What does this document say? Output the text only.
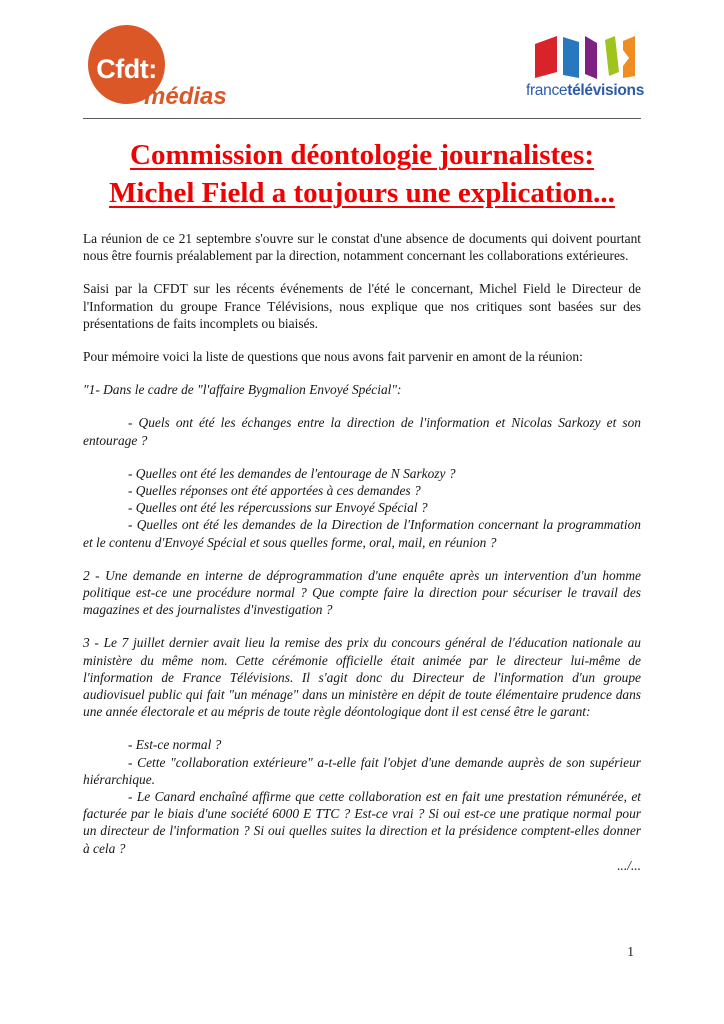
Cfdt:
médias	francetélévisions
Commission déontologie journalistes:
Michel Field a toujours une explication...

La réunion de ce 21 septembre s'ouvre sur le constat d'une absence de documents qui doivent pourtant nous être fournis préalablement par la direction, notamment concernant les collaborations extérieures.

Saisi par la CFDT sur les récents événements de l'été le concernant, Michel Field le Directeur de l'Information du groupe France Télévisions, nous explique que nos critiques sont basées sur des présentations de faits incomplets ou biaisés.

Pour mémoire voici la liste de questions que nous avons fait parvenir en amont de la réunion:

"1- Dans le cadre de "l'affaire Bygmalion Envoyé Spécial":

- Quels ont été les échanges entre la direction de l'information et Nicolas Sarkozy et son entourage ?

- Quelles ont été les demandes de l'entourage de N Sarkozy ?

- Quelles réponses ont été apportées à ces demandes ?

- Quelles ont été les répercussions sur Envoyé Spécial ?

- Quelles ont été les demandes de la Direction de l'Information concernant la programmation et le contenu d'Envoyé Spécial et sous quelles forme, oral, mail, en réunion ?

2 - Une demande en interne de déprogrammation d'une enquête après un intervention d'un homme politique est-ce une procédure normal ? Que compte faire la direction pour sécuriser le travail des magazines et des journalistes d'investigation ?

3 - Le 7 juillet dernier avait lieu la remise des prix du concours général de l'éducation nationale au ministère du même nom. Cette cérémonie officielle était animée par le directeur lui-même de l'information de France Télévisions. Il s'agit donc du Directeur de l'information d'un groupe audiovisuel public qui fait "un ménage" dans un ministère en dépit de toute élémentaire prudence dans une année électorale et au mépris de toute règle déontologique dont il est censé être le garant:

- Est-ce normal ?

- Cette "collaboration extérieure" a-t-elle fait l'objet d'une demande auprès de son supérieur hiérarchique.

- Le Canard enchaîné affirme que cette collaboration est en fait une prestation rémunérée, et facturée par le biais d'une société 6000 E TTC ? Est-ce vrai ? Si oui est-ce une pratique normal pour un directeur de l'information ? Si oui quelles suites la direction et la présidence comptent-elles donner à cela ?

.../...

1
